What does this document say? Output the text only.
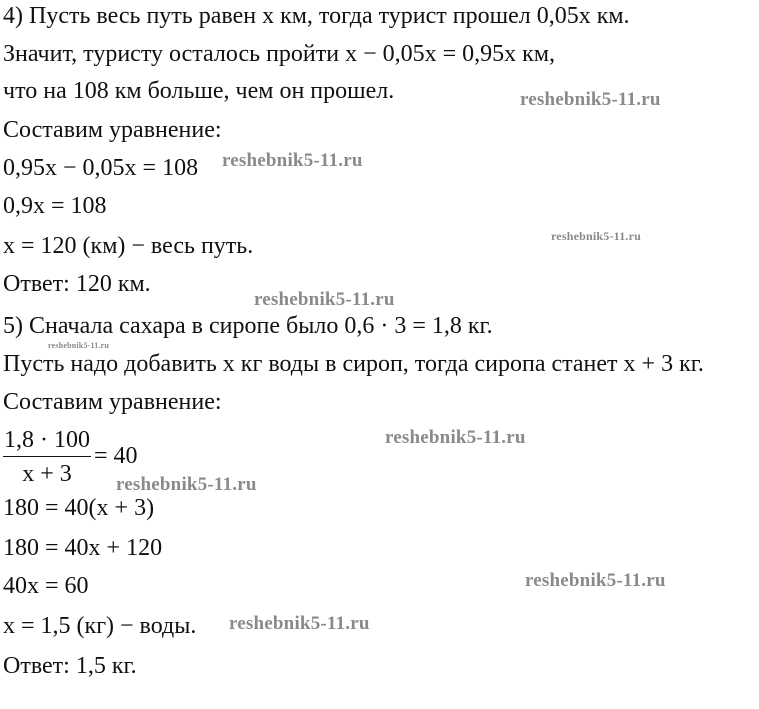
4) Пусть весь путь равен x км, тогда турист прошел 0,05x км.
Значит, туристу осталось пройти x − 0,05x = 0,95x км,
что на 108 км больше, чем он прошел.
Составим уравнение:
0,95x − 0,05x = 108
0,9x = 108
x = 120 (км) − весь путь.
Ответ: 120 км.
5) Сначала сахара в сиропе было 0,6 · 3 = 1,8 кг.
Пусть надо добавить x кг воды в сироп, тогда сиропа станет x + 3 кг.
Составим уравнение:
1,8 · 100
x + 3
= 40
180 = 40(x + 3)
180 = 40x + 120
40x = 60
x = 1,5 (кг) − воды.
Ответ: 1,5 кг.
reshebnik5-11.ru
reshebnik5-11.ru
reshebnik5-11.ru
reshebnik5-11.ru
reshebnik5-11.ru
reshebnik5-11.ru
reshebnik5-11.ru
reshebnik5-11.ru
reshebnik5-11.ru
